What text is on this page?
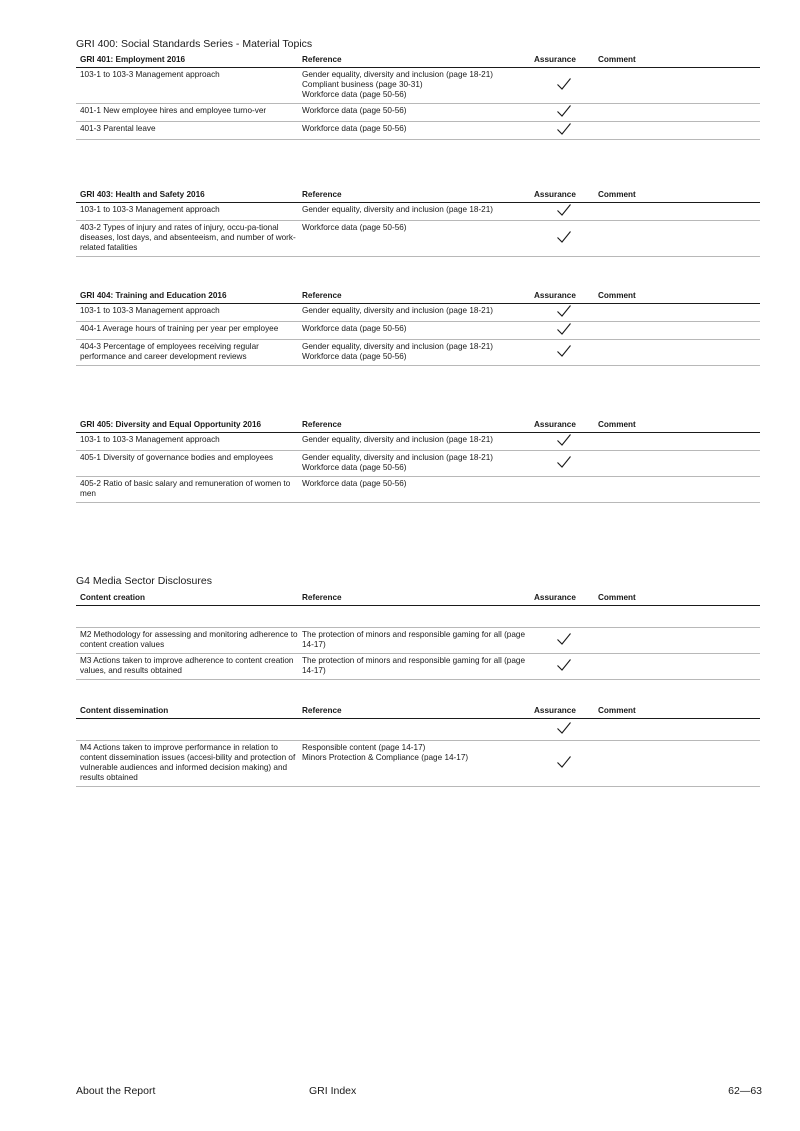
GRI 400: Social Standards Series - Material Topics
GRI 401: Employment 2016	Reference	Assurance	Comment
103-1 to 103-3 Management approach	Gender equality, diversity and inclusion (page 18-21)
Compliant business (page 30-31)
Workforce data (page 50-56)

401-1 New employee hires and employee turno-ver	Workforce data (page 50-56)

401-3 Parental leave	Workforce data (page 50-56)

GRI 403: Health and Safety 2016	Reference	Assurance	Comment
103-1 to 103-3 Management approach	Gender equality, diversity and inclusion (page 18-21)

403-2 Types of injury and rates of injury, occu-pa-tional diseases, lost days, and absenteeism, and number of work-related fatalities	Workforce data (page 50-56)

GRI 404: Training and Education 2016	Reference	Assurance	Comment
103-1 to 103-3 Management approach	Gender equality, diversity and inclusion (page 18-21)

404-1 Average hours of training per year per employee	Workforce data (page 50-56)

404-3 Percentage of employees receiving regular performance and career development reviews	Gender equality, diversity and inclusion (page 18-21)
Workforce data (page 50-56)

GRI 405: Diversity and Equal Opportunity 2016	Reference	Assurance	Comment
103-1 to 103-3 Management approach	Gender equality, diversity and inclusion (page 18-21)

405-1 Diversity of governance bodies and employees	Gender equality, diversity and inclusion (page 18-21)
Workforce data (page 50-56)

405-2 Ratio of basic salary and remuneration of women to men	Workforce data (page 50-56)		

G4 Media Sector Disclosures
Content creation	Reference	Assurance	Comment

M2 Methodology for assessing and monitoring adherence to content creation values	The protection of minors and responsible gaming for all (page 14-17)

M3 Actions taken to improve adherence to content creation values, and results obtained	The protection of minors and responsible gaming for all (page 14-17)

Content dissemination	Reference	Assurance	Comment

M4 Actions taken to improve performance in relation to content dissemination issues (accesi-bility and protection of vulnerable audiences and informed decision making) and results obtained	Responsible content (page 14-17)
Minors Protection & Compliance (page 14-17)

About the Report	GRI Index	62—63
